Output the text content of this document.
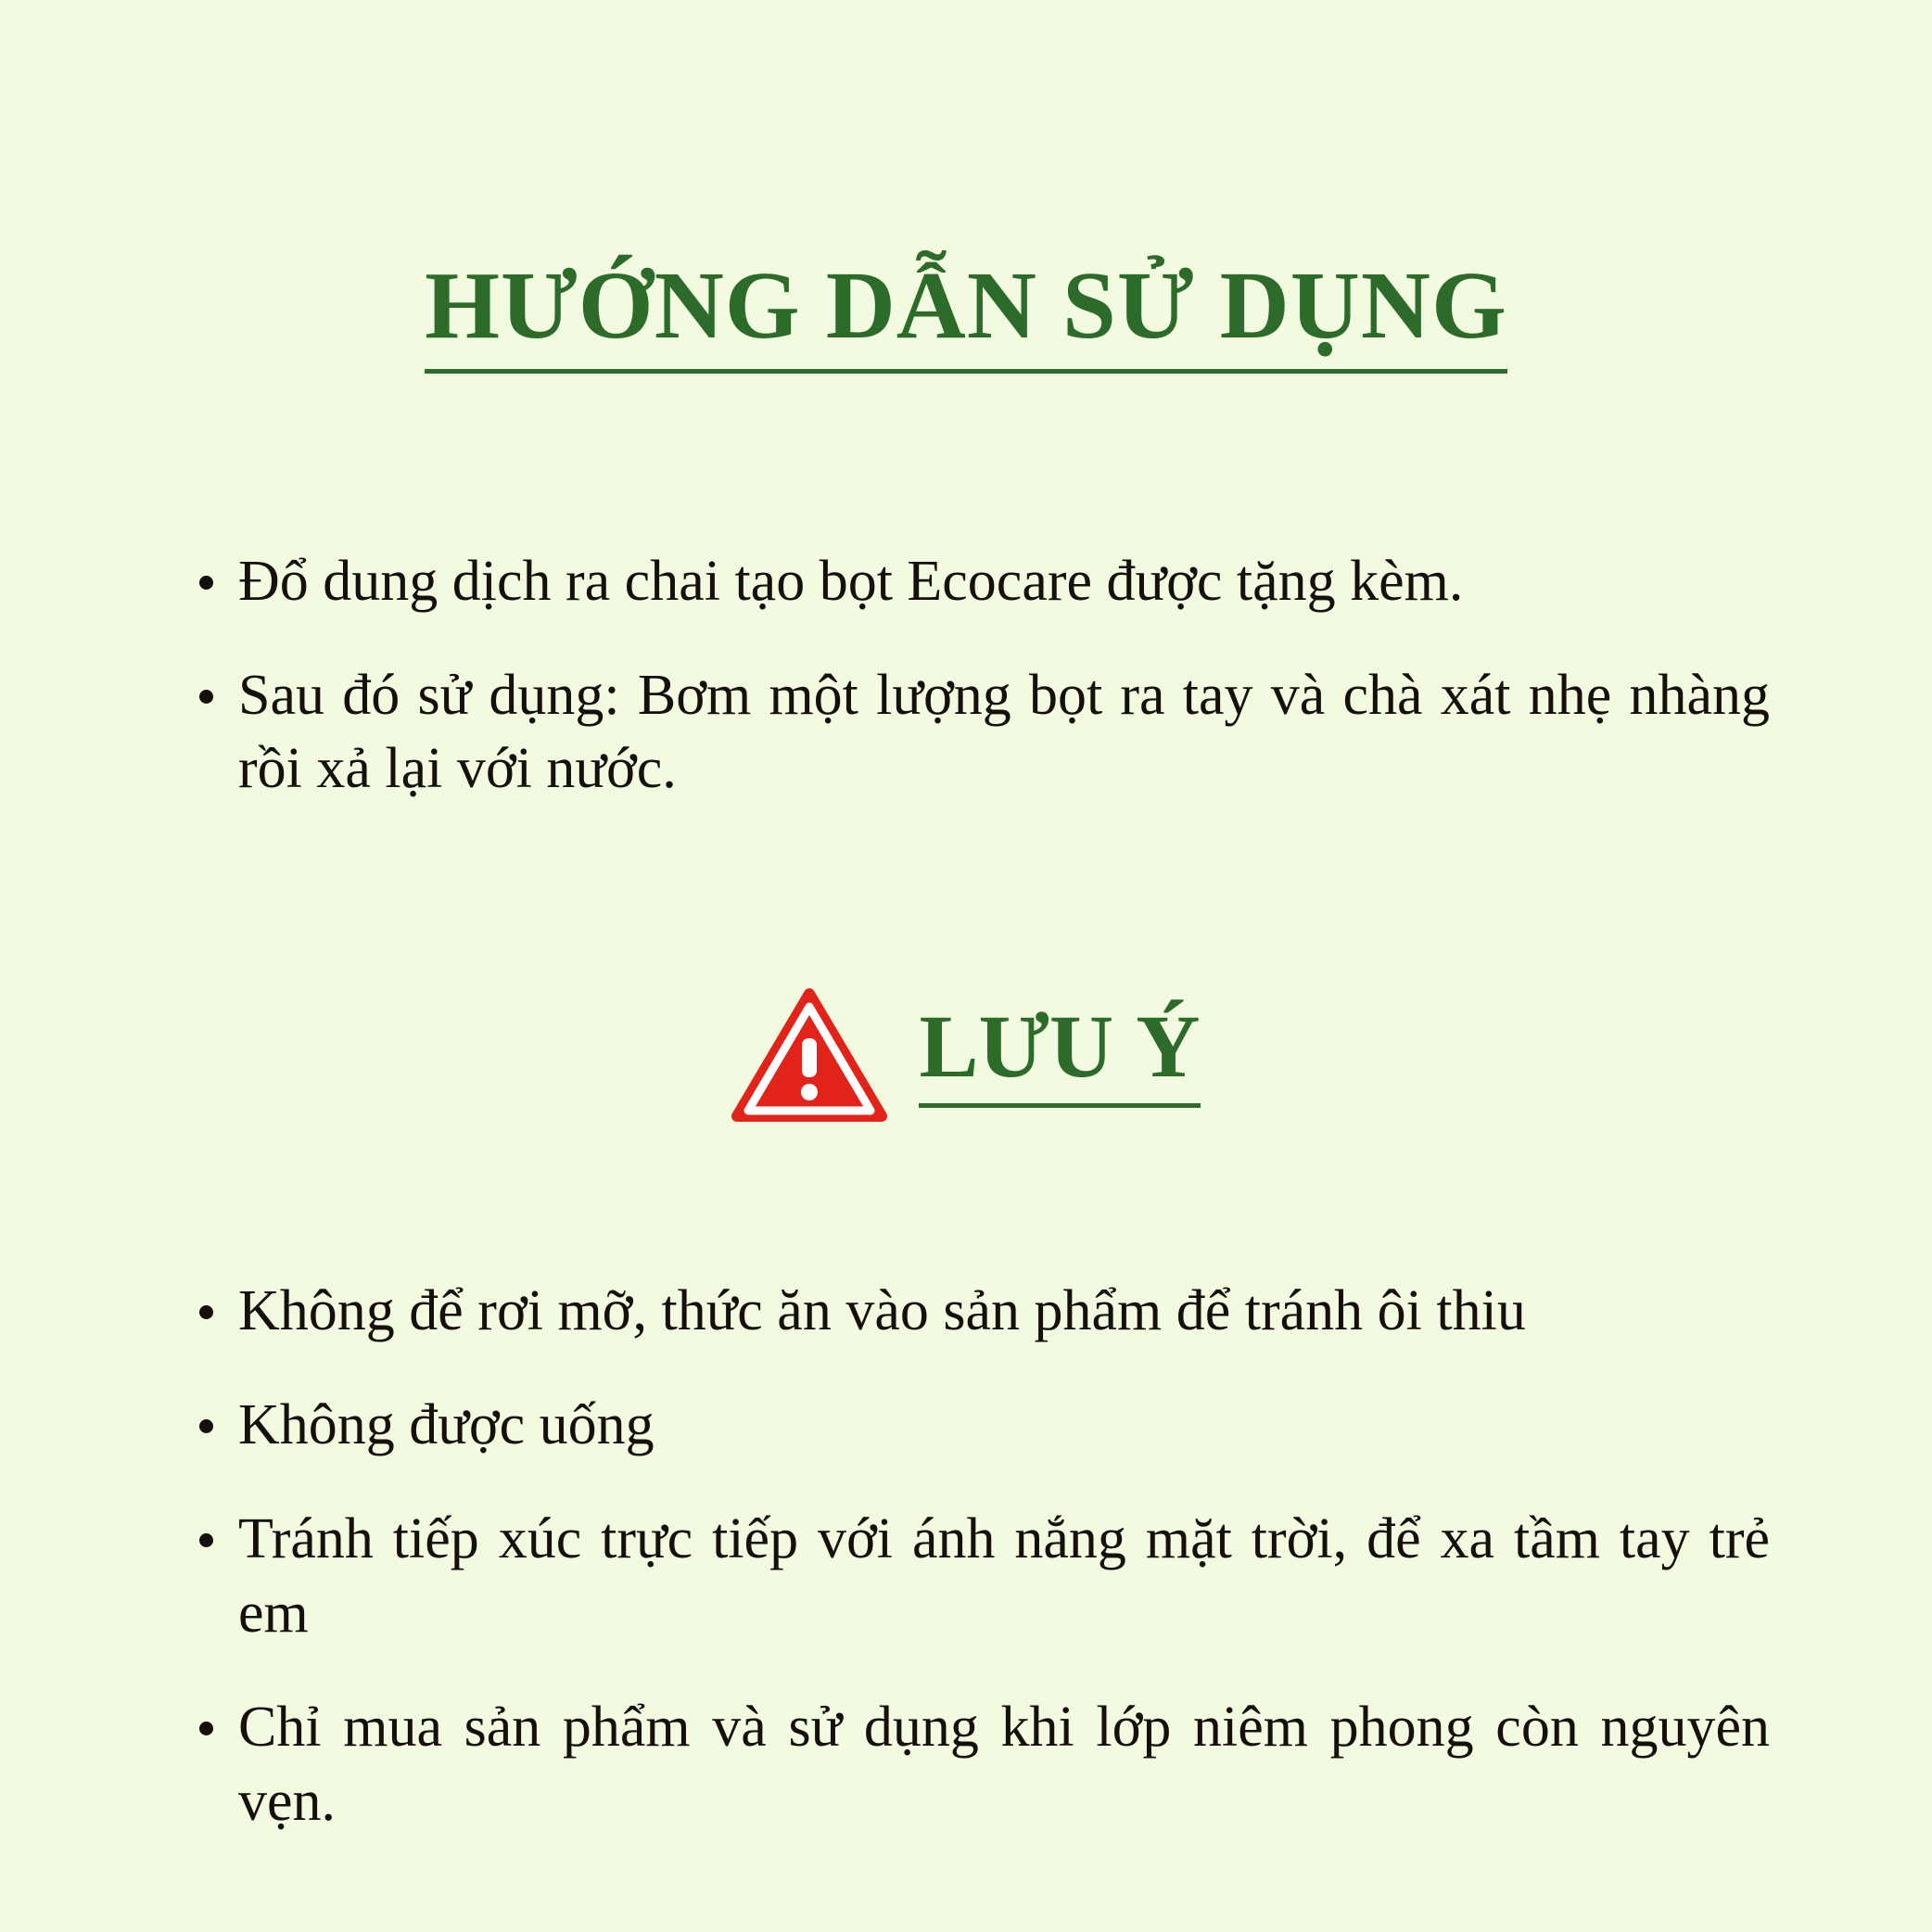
HƯỚNG DẪN SỬ DỤNG
Đổ dung dịch ra chai tạo bọt Ecocare được tặng kèm.
Sau đó sử dụng: Bơm một lượng bọt ra tay và chà xát nhẹ nhàng rồi xả lại với nước.
LƯU Ý
Không để rơi mỡ, thức ăn vào sản phẩm để tránh ôi thiu
Không được uống
Tránh tiếp xúc trực tiếp với ánh nắng mặt trời, để xa tầm tay trẻ em
Chỉ mua sản phẩm và sử dụng khi lớp niêm phong còn nguyên vẹn.
